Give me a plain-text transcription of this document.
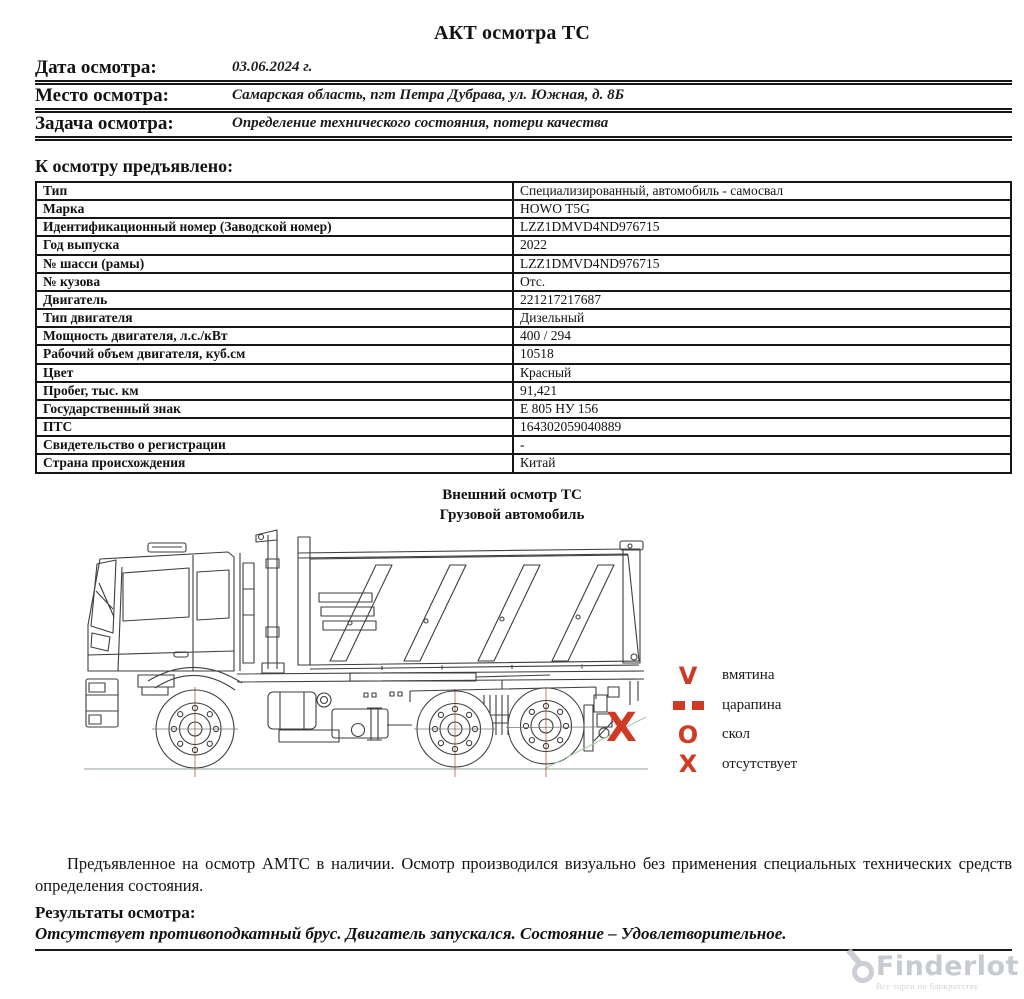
АКТ осмотра ТС
Дата осмотра:	03.06.2024 г.
Место осмотра:	Самарская область, пгт Петра Дубрава, ул. Южная, д. 8Б
Задача осмотра:	Определение технического состояния, потери качества
К осмотру предъявлено:
Тип	Специализированный, автомобиль - самосвал
Марка	HOWO T5G
Идентификационный номер (Заводской номер)	LZZ1DMVD4ND976715
Год выпуска	2022
№ шасси (рамы)	LZZ1DMVD4ND976715
№ кузова	Отс.
Двигатель	221217217687
Тип двигателя	Дизельный
Мощность двигателя, л.с./кВт	400 / 294
Рабочий объем двигателя, куб.см	10518
Цвет	Красный
Пробег, тыс. км	91,421
Государственный знак	Е 805 НУ 156
ПТС	164302059040889
Свидетельство о регистрации	-
Страна происхождения	Китай
Внешний осмотр ТС
Грузовой автомобиль
X
V	вмятина
царапина
O	скол
X	отсутствует
Предъявленное на осмотр АМТС в наличии. Осмотр производился визуально без применения специальных технических средств определения состояния.
Результаты осмотра:
Отсутствует противоподкатный брус. Двигатель запускался. Состояние – Удовлетворительное.
Finderlot
Все торги по банкротству
